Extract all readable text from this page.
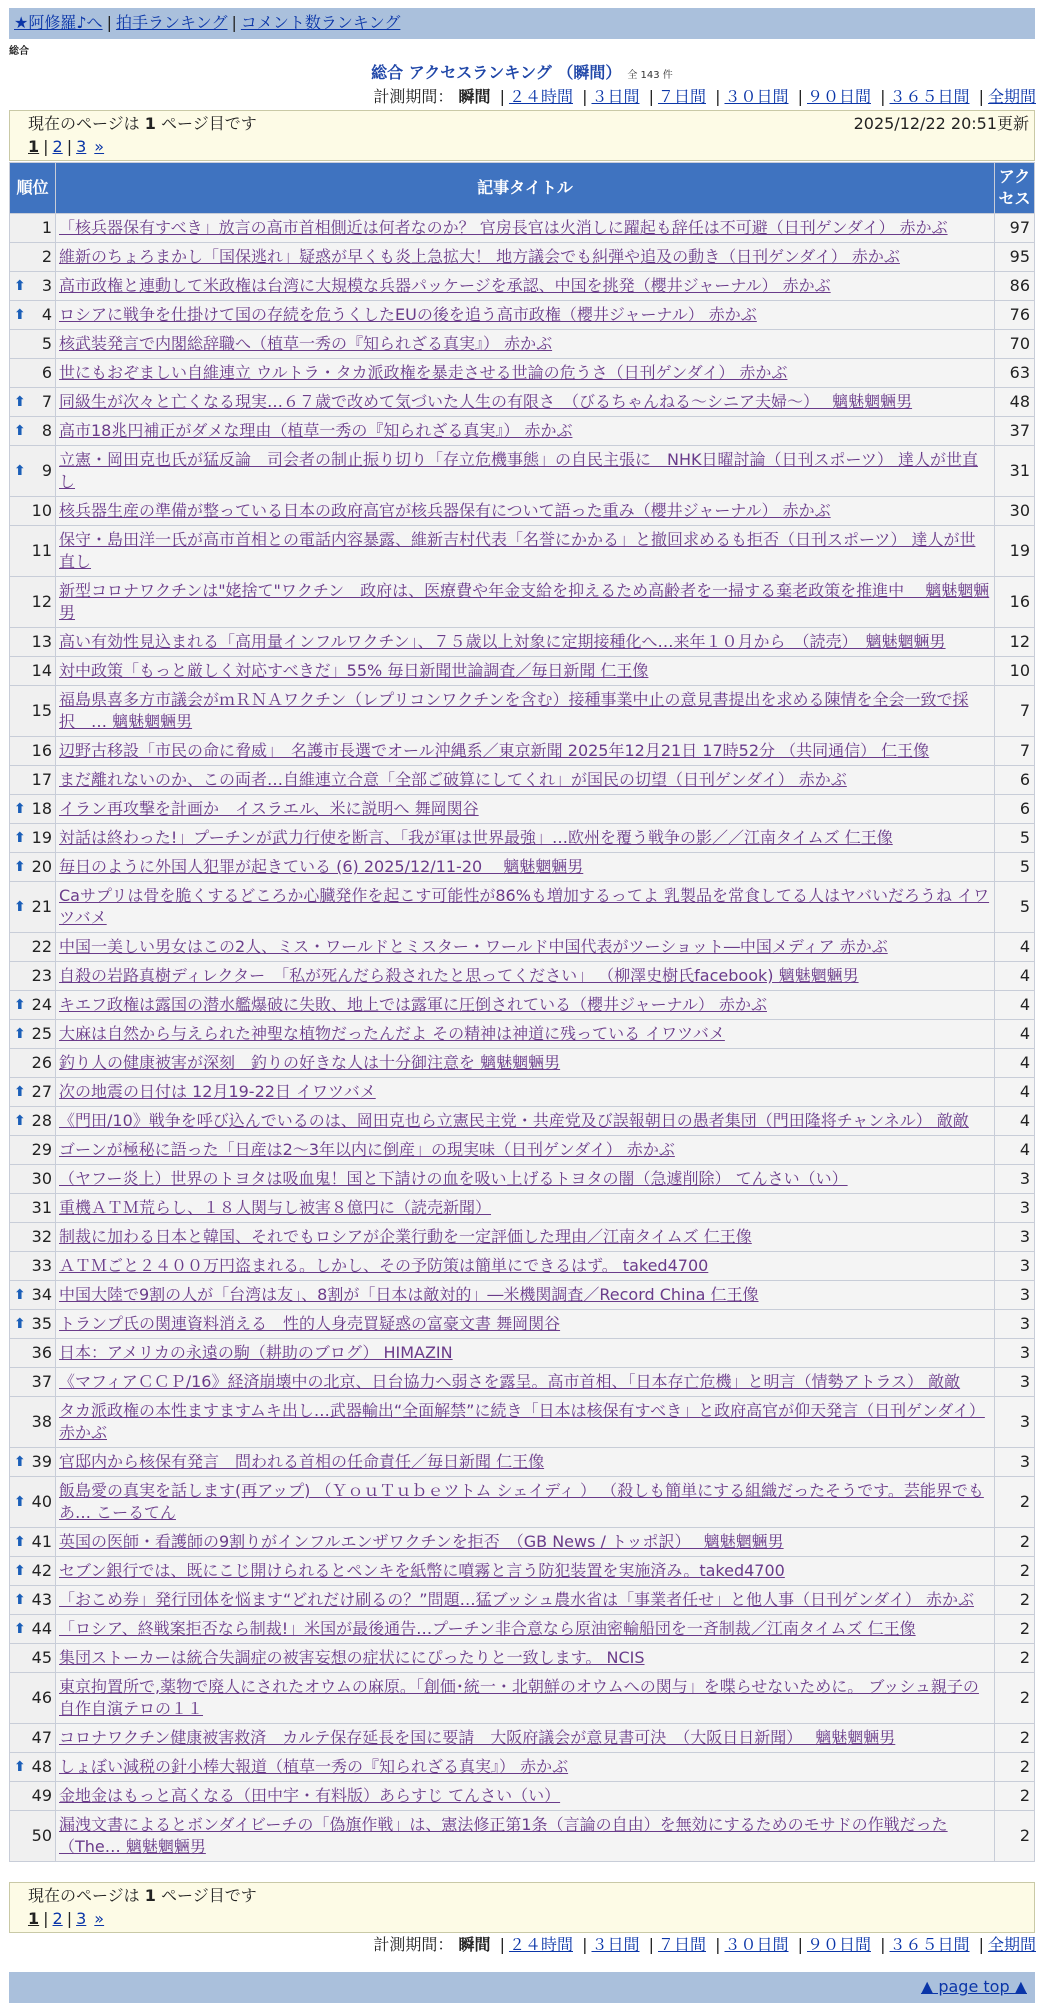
★阿修羅♪へ | 拍手ランキング | コメント数ランキング
総合
総合 アクセスランキング （瞬間） 全 143 件
計測期間： 瞬間 | ２４時間 | ３日間 | ７日間 | ３０日間 | ９０日間 | ３６５日間 | 全期間
現在のページは 1 ページ目です	2025/12/22 20:51更新
1 | 2 | 3 »
順位	記事タイトル	アクセス
1	「核兵器保有すべき」放言の高市首相側近は何者なのか？ 官房長官は火消しに躍起も辞任は不可避（日刊ゲンダイ） 赤かぶ	97
2	維新のちょろまかし「国保逃れ」疑惑が早くも炎上急拡大！ 地方議会でも糾弾や追及の動き（日刊ゲンダイ） 赤かぶ	95

⬆ 3	高市政権と連動して米政権は台湾に大規模な兵器パッケージを承認、中国を挑発（櫻井ジャーナル） 赤かぶ	86

⬆ 4	ロシアに戦争を仕掛けて国の存続を危うくしたEUの後を追う高市政権（櫻井ジャーナル） 赤かぶ	76
5	核武装発言で内閣総辞職へ（植草一秀の『知られざる真実』） 赤かぶ	70
6	世にもおぞましい自維連立 ウルトラ・タカ派政権を暴走させる世論の危うさ（日刊ゲンダイ） 赤かぶ	63

⬆ 7	同級生が次々と亡くなる現実…６７歳で改めて気づいた人生の有限さ　（びるちゃんねる～シニア夫婦～）　 魑魅魍魎男	48

⬆ 8	高市18兆円補正がダメな理由（植草一秀の『知られざる真実』） 赤かぶ	37

⬆ 9	立憲・岡田克也氏が猛反論　司会者の制止振り切り「存立危機事態」の自民主張に　NHK日曜討論（日刊スポーツ） 達人が世直し	31
10	核兵器生産の準備が整っている日本の政府高官が核兵器保有について語った重み（櫻井ジャーナル） 赤かぶ	30
11	保守・島田洋一氏が高市首相との電話内容暴露、維新吉村代表「名誉にかかる」と撤回求めるも拒否（日刊スポーツ） 達人が世直し	19
12	新型コロナワクチンは"姥捨て"ワクチン　政府は、医療費や年金支給を抑えるため高齢者を一掃する棄老政策を推進中　 魑魅魍魎男	16
13	高い有効性見込まれる「高用量インフルワクチン」、７５歳以上対象に定期接種化へ…来年１０月から　（読売）　魑魅魍魎男	12
14	対中政策「もっと厳しく対応すべきだ」55% 毎日新聞世論調査／毎日新聞 仁王像	10
15	福島県喜多方市議会がｍＲＮＡワクチン（レプリコンワクチンを含む）接種事業中止の意見書提出を求める陳情を全会一致で採択　… 魑魅魍魎男	7
16	辺野古移設「市民の命に脅威」　名護市長選でオール沖縄系／東京新聞 2025年12月21日 17時52分 （共同通信） 仁王像	7
17	まだ離れないのか、この両者…自維連立合意「全部ご破算にしてくれ」が国民の切望（日刊ゲンダイ） 赤かぶ	6

⬆ 18	イラン再攻撃を計画か　イスラエル、米に説明へ 舞岡関谷	6

⬆ 19	対話は終わった!」プーチンが武力行使を断言、「我が軍は世界最強」…欧州を覆う戦争の影／／江南タイムズ 仁王像	5

⬆ 20	毎日のように外国人犯罪が起きている (6) 2025/12/11-20　 魑魅魍魎男	5

⬆ 21	Caサプリは骨を脆くするどころか心臓発作を起こす可能性が86%も増加するってよ 乳製品を常食してる人はヤバいだろうね イワツバメ	5
22	中国一美しい男女はこの2人、ミス・ワールドとミスター・ワールド中国代表がツーショット―中国メディア 赤かぶ	4
23	自殺の岩路真樹ディレクター　「私が死んだら殺されたと思ってください」 （柳澤史樹氏facebook) 魑魅魍魎男	4

⬆ 24	キエフ政権は露国の潜水艦爆破に失敗、地上では露軍に圧倒されている（櫻井ジャーナル） 赤かぶ	4

⬆ 25	大麻は自然から与えられた神聖な植物だったんだよ その精神は神道に残っている イワツバメ	4
26	釣り人の健康被害が深刻　釣りの好きな人は十分御注意を 魑魅魍魎男	4

⬆ 27	次の地震の日付は 12月19-22日 イワツバメ	4

⬆ 28	《門田/10》戦争を呼び込んでいるのは、岡田克也ら立憲民主党・共産党及び誤報朝日の愚者集団（門田隆将チャンネル） 敵敵	4
29	ゴーンが極秘に語った「日産は2～3年以内に倒産」の現実味（日刊ゲンダイ） 赤かぶ	4
30	（ヤフー炎上）世界のトヨタは吸血鬼！国と下請けの血を吸い上げるトヨタの闇（急遽削除） てんさい（い）	3
31	重機ＡＴＭ荒らし、１８人関与し被害８億円に（読売新聞）	3
32	制裁に加わる日本と韓国、それでもロシアが企業行動を一定評価した理由／江南タイムズ 仁王像	3
33	ＡＴＭごと２４００万円盗まれる。しかし、その予防策は簡単にできるはず。 taked4700	3

⬆ 34	中国大陸で9割の人が「台湾は友」、8割が「日本は敵対的」―米機関調査／Record China 仁王像	3

⬆ 35	トランプ氏の関連資料消える　性的人身売買疑惑の富豪文書 舞岡関谷	3
36	日本：アメリカの永遠の駒（耕助のブログ） HIMAZIN	3
37	《マフィアＣＣＰ/16》経済崩壊中の北京、日台協力へ弱さを露呈。高市首相、「日本存亡危機」と明言（情勢アトラス） 敵敵	3
38	タカ派政権の本性ますますムキ出し…武器輸出“全面解禁”に続き「日本は核保有すべき」と政府高官が仰天発言（日刊ゲンダイ） 赤かぶ	3

⬆ 39	官邸内から核保有発言　問われる首相の任命責任／毎日新聞 仁王像	3

⬆ 40	飯島愛の真実を話します(再アップ) （ＹｏｕＴｕｂｅツトム シェイディ ） （殺しも簡単にする組織だったそうです。芸能界でもあ… こーるてん	2

⬆ 41	英国の医師・看護師の9割りがインフルエンザワクチンを拒否　（GB News / トッポ訳）　 魑魅魍魎男	2

⬆ 42	セブン銀行では、既にこじ開けられるとペンキを紙幣に噴霧と言う防犯装置を実施済み。taked4700	2

⬆ 43	「おこめ券」発行団体を悩ます“どれだけ刷るの？”問題…猛ブッシュ農水省は「事業者任せ」と他人事（日刊ゲンダイ） 赤かぶ	2

⬆ 44	「ロシア、終戦案拒否なら制裁!」米国が最後通告…プーチン非合意なら原油密輸船団を一斉制裁／江南タイムズ 仁王像	2
45	集団ストーカーは統合失調症の被害妄想の症状ににぴったりと一致します。 NCIS	2
46	東京拘置所で,薬物で廃人にされたオウムの麻原。「創価･統一・北朝鮮のオウムへの関与」を喋らせないために。 ブッシュ親子の自作自演テロの１１	2
47	コロナワクチン健康被害救済　カルテ保存延長を国に要請　大阪府議会が意見書可決　（大阪日日新聞）　 魑魅魍魎男	2

⬆ 48	しょぼい減税の針小棒大報道（植草一秀の『知られざる真実』） 赤かぶ	2
49	金地金はもっと高くなる（田中宇・有料版）あらすじ てんさい（い）	2
50	漏洩文書によるとボンダイビーチの「偽旗作戦」は、憲法修正第1条（言論の自由）を無効にするためのモサドの作戦だった（The… 魑魅魍魎男	2
計測期間： 瞬間 | ２４時間 | ３日間 | ７日間 | ３０日間 | ９０日間 | ３６５日間 | 全期間
▲ page top ▲
現在のページは 1 ページ目です
1 | 2 | 3 »
